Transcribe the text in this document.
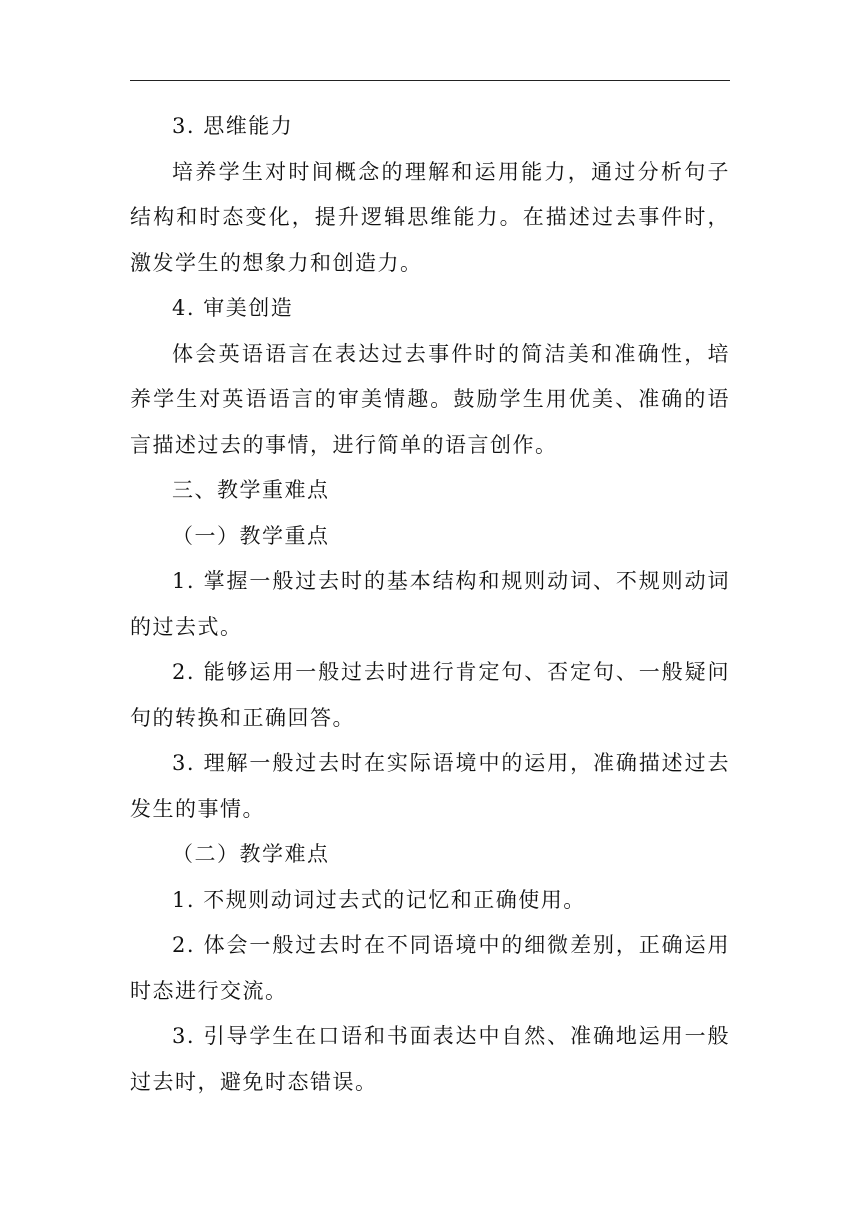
3. 思维能力

培养学生对时间概念的理解和运用能力，通过分析句子结构和时态变化，提升逻辑思维能力。在描述过去事件时，激发学生的想象力和创造力。

4. 审美创造

体会英语语言在表达过去事件时的简洁美和准确性，培养学生对英语语言的审美情趣。鼓励学生用优美、准确的语言描述过去的事情，进行简单的语言创作。

三、教学重难点

（一）教学重点

1. 掌握一般过去时的基本结构和规则动词、不规则动词的过去式。

2. 能够运用一般过去时进行肯定句、否定句、一般疑问句的转换和正确回答。

3. 理解一般过去时在实际语境中的运用，准确描述过去发生的事情。

（二）教学难点

1. 不规则动词过去式的记忆和正确使用。

2. 体会一般过去时在不同语境中的细微差别，正确运用时态进行交流。

3. 引导学生在口语和书面表达中自然、准确地运用一般过去时，避免时态错误。
